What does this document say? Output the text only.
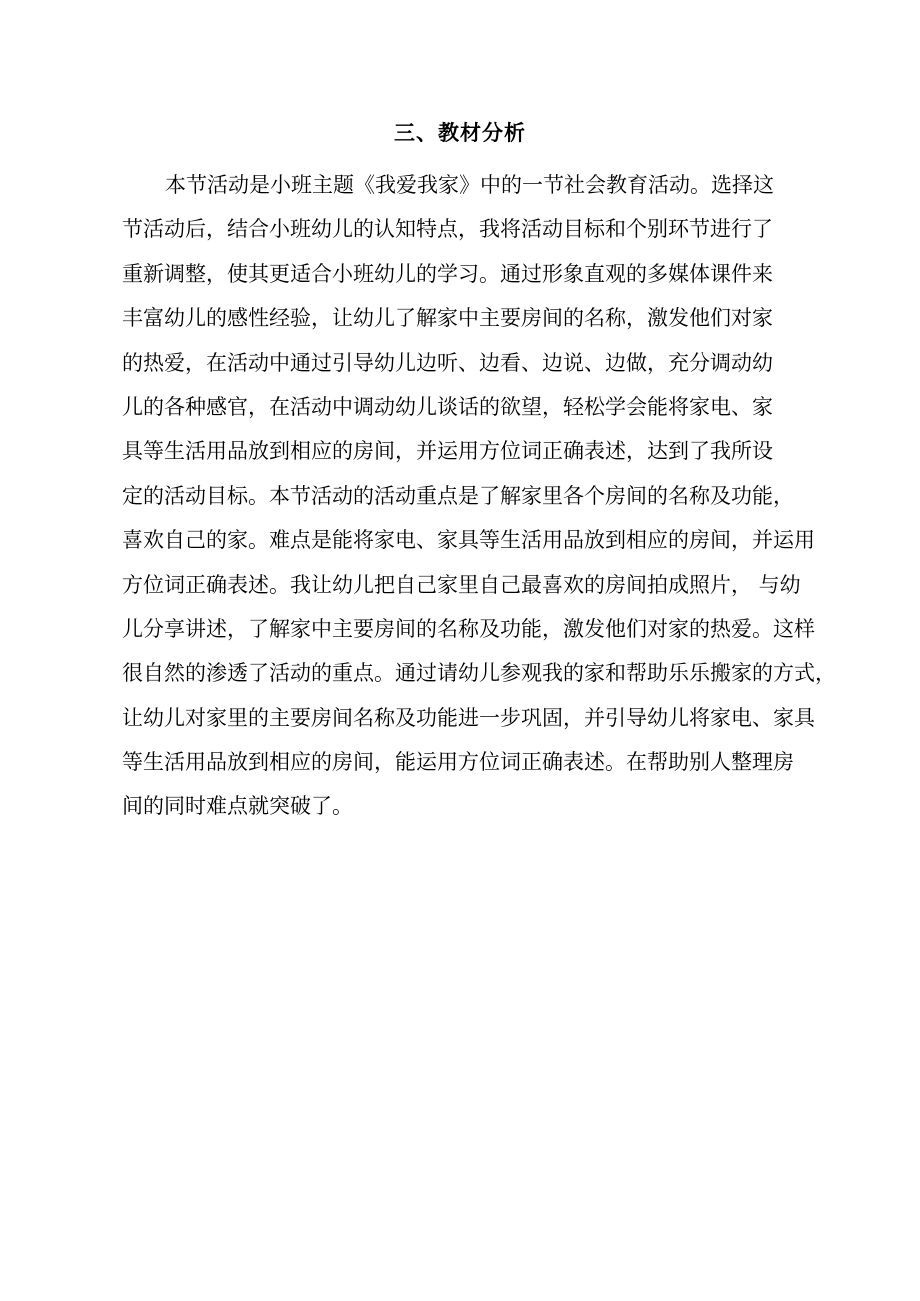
三、教材分析
本节活动是小班主题《我爱我家》中的一节社会教育活动。选择这
节活动后，结合小班幼儿的认知特点，我将活动目标和个别环节进行了
重新调整，使其更适合小班幼儿的学习。通过形象直观的多媒体课件来
丰富幼儿的感性经验，让幼儿了解家中主要房间的名称，激发他们对家
的热爱，在活动中通过引导幼儿边听、边看、边说、边做，充分调动幼
儿的各种感官，在活动中调动幼儿谈话的欲望，轻松学会能将家电、家
具等生活用品放到相应的房间，并运用方位词正确表述，达到了我所设
定的活动目标。本节活动的活动重点是了解家里各个房间的名称及功能，
喜欢自己的家。难点是能将家电、家具等生活用品放到相应的房间，并运用
方位词正确表述。我让幼儿把自己家里自己最喜欢的房间拍成照片， 与幼
儿分享讲述，了解家中主要房间的名称及功能，激发他们对家的热爱。这样
很自然的渗透了活动的重点。通过请幼儿参观我的家和帮助乐乐搬家的方式，
让幼儿对家里的主要房间名称及功能进一步巩固，并引导幼儿将家电、家具
等生活用品放到相应的房间，能运用方位词正确表述。在帮助别人整理房
间的同时难点就突破了。
